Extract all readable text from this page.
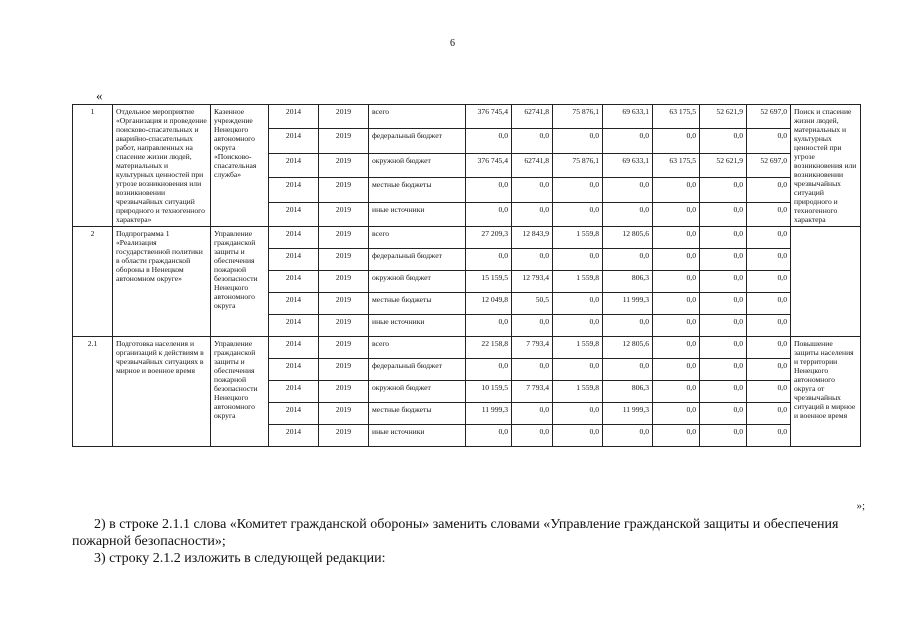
6
«
1	Отдельное мероприятие «Организация и проведение поисково-спасательных и аварийно-спасательных работ, направленных на спасение жизни людей, материальных и культурных ценностей при угрозе возникновения или возникновении чрезвычайных ситуаций природного и техногенного характера»	Казенное учреждение Ненецкого автономного округа «Поисково-спасательная служба»	2014	2019	всего	376 745,4	62741,8	75 876,1	69 633,1	63 175,5	52 621,9	52 697,0	Поиск и спасение жизни людей, материальных и культурных ценностей при угрозе возникновения или возникновении чрезвычайных ситуаций природного и техногенного характера
			2014	2019	федеральный бюджет	0,0	0,0	0,0	0,0	0,0	0,0	0,0	
			2014	2019	окружной бюджет	376 745,4	62741,8	75 876,1	69 633,1	63 175,5	52 621,9	52 697,0	
			2014	2019	местные бюджеты	0,0	0,0	0,0	0,0	0,0	0,0	0,0	
			2014	2019	иные источники	0,0	0,0	0,0	0,0	0,0	0,0	0,0	
2	Подпрограмма 1 «Реализация государственной политики в области гражданской обороны в Ненецком автономном округе»	Управление гражданской защиты и обеспечения пожарной безопасности Ненецкого автономного округа	2014	2019	всего	27 209,3	12 843,9	1 559,8	12 805,6	0,0	0,0	0,0	
			2014	2019	федеральный бюджет	0,0	0,0	0,0	0,0	0,0	0,0	0,0	
			2014	2019	окружной бюджет	15 159,5	12 793,4	1 559,8	806,3	0,0	0,0	0,0	
			2014	2019	местные бюджеты	12 049,8	50,5	0,0	11 999,3	0,0	0,0	0,0	
			2014	2019	иные источники	0,0	0,0	0,0	0,0	0,0	0,0	0,0	
2.1	Подготовка населения и организаций к действиям в чрезвычайных ситуациях в мирное и военное время	Управление гражданской защиты и обеспечения пожарной безопасности Ненецкого автономного округа	2014	2019	всего	22 158,8	7 793,4	1 559,8	12 805,6	0,0	0,0	0,0	Повышение защиты населения и территории Ненецкого автономного округа от чрезвычайных ситуаций в мирное и военное время
			2014	2019	федеральный бюджет	0,0	0,0	0,0	0,0	0,0	0,0	0,0	
			2014	2019	окружной бюджет	10 159,5	7 793,4	1 559,8	806,3	0,0	0,0	0,0	
			2014	2019	местные бюджеты	11 999,3	0,0	0,0	11 999,3	0,0	0,0	0,0	
			2014	2019	иные источники	0,0	0,0	0,0	0,0	0,0	0,0	0,0	
»;
2) в строке 2.1.1 слова «Комитет гражданской обороны» заменить словами «Управление гражданской защиты и обеспечения
пожарной безопасности»;
3) строку 2.1.2 изложить в следующей редакции:
